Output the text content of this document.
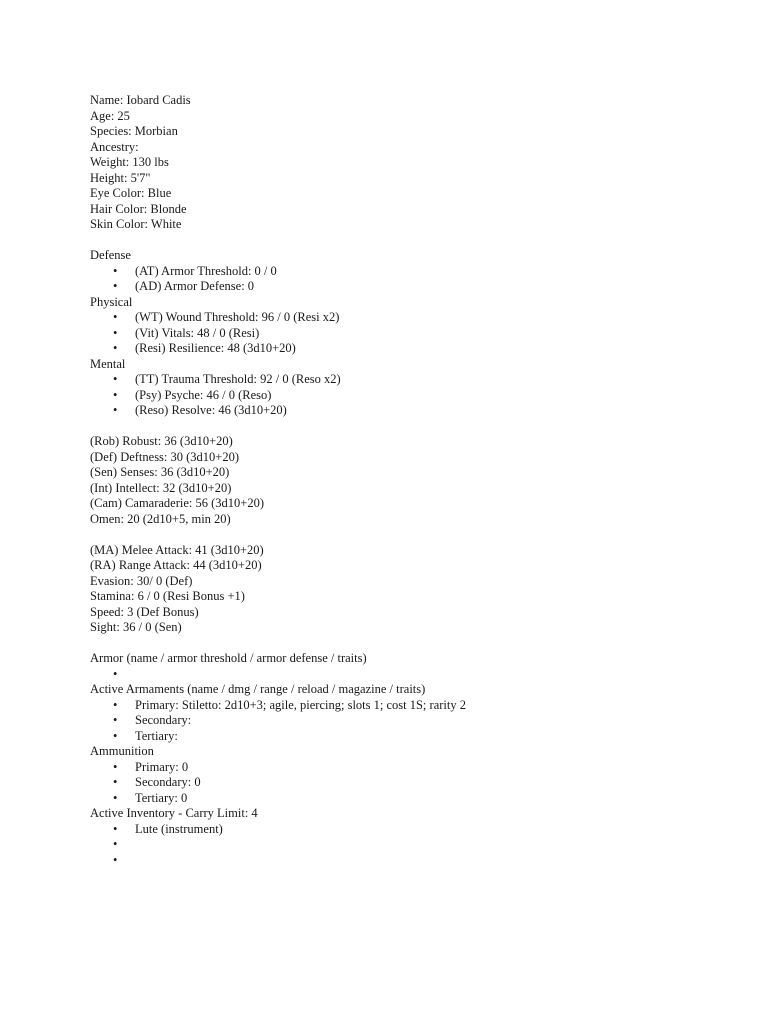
Name: Iobard Cadis
Age: 25
Species: Morbian
Ancestry:
Weight: 130 lbs
Height: 5'7"
Eye Color: Blue
Hair Color: Blonde
Skin Color: White
Defense

•

(AT) Armor Threshold: 0 / 0

•

(AD) Armor Defense: 0

Physical

•

(WT) Wound Threshold: 96 / 0 (Resi x2)

•

(Vit) Vitals: 48 / 0 (Resi)

•

(Resi) Resilience: 48 (3d10+20)

Mental

•

(TT) Trauma Threshold: 92 / 0 (Reso x2)

•

(Psy) Psyche: 46 / 0 (Reso)

•

(Reso) Resolve: 46 (3d10+20)

(Rob) Robust: 36 (3d10+20)
(Def) Deftness: 30 (3d10+20)
(Sen) Senses: 36 (3d10+20)
(Int) Intellect: 32 (3d10+20)
(Cam) Camaraderie: 56 (3d10+20)
Omen: 20 (2d10+5, min 20)
(MA) Melee Attack: 41 (3d10+20)
(RA) Range Attack: 44 (3d10+20)
Evasion: 30/ 0 (Def)
Stamina: 6 / 0 (Resi Bonus +1)
Speed: 3 (Def Bonus)
Sight: 36 / 0 (Sen)
Armor (name / armor threshold / armor defense / traits)

•

Active Armaments (name / dmg / range / reload / magazine / traits)

•

Primary: Stiletto: 2d10+3; agile, piercing; slots 1; cost 1S; rarity 2

•

Secondary:

•

Tertiary:

Ammunition

•

Primary: 0

•

Secondary: 0

•

Tertiary: 0

Active Inventory - Carry Limit: 4

•

Lute (instrument)

•

•
